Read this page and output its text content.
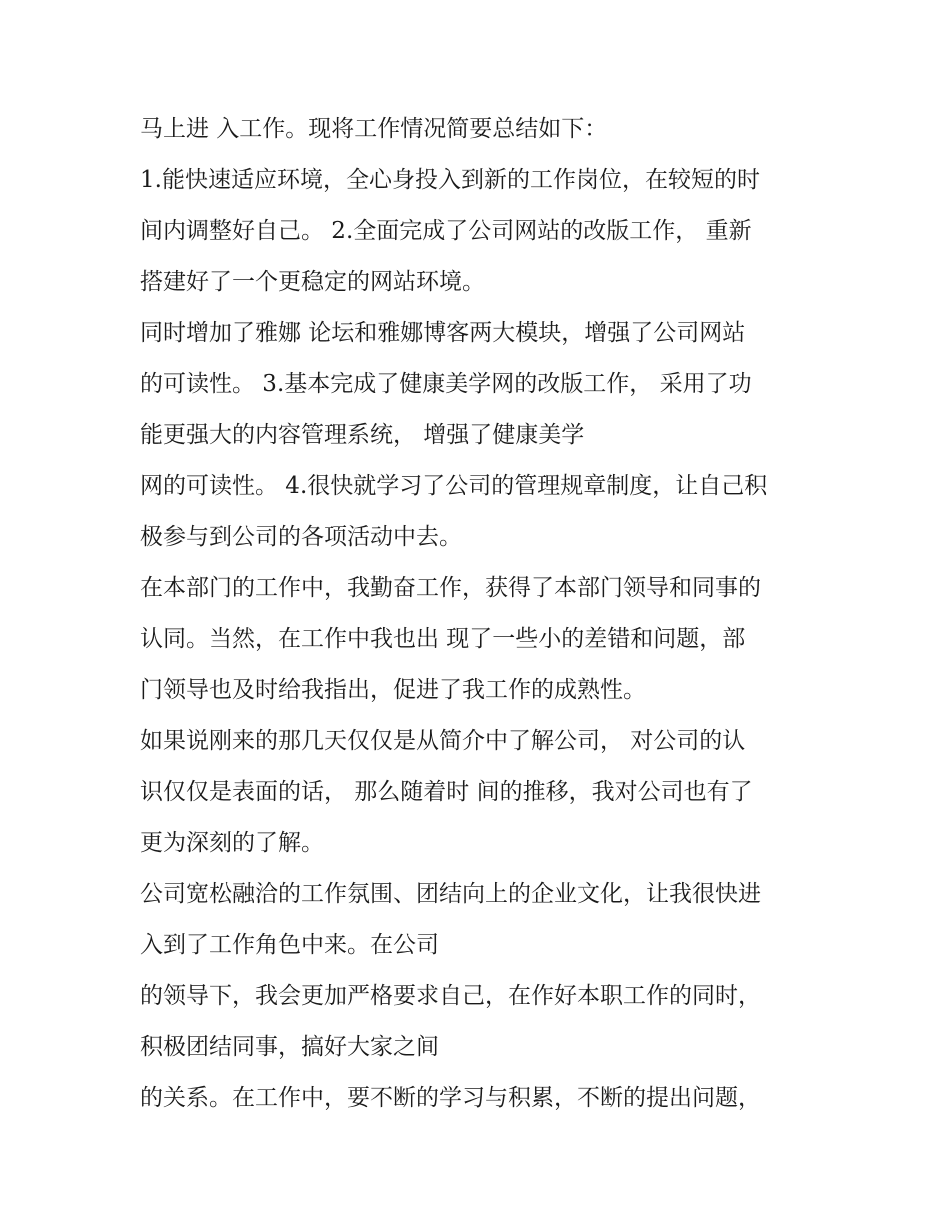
马上进 入工作。现将工作情况简要总结如下：
1.能快速适应环境，全心身投入到新的工作岗位，在较短的时
间内调整好自己。 2.全面完成了公司网站的改版工作， 重新
搭建好了一个更稳定的网站环境。
同时增加了雅娜 论坛和雅娜博客两大模块，增强了公司网站
的可读性。 3.基本完成了健康美学网的改版工作， 采用了功
能更强大的内容管理系统， 增强了健康美学
网的可读性。 4.很快就学习了公司的管理规章制度，让自己积
极参与到公司的各项活动中去。
在本部门的工作中，我勤奋工作，获得了本部门领导和同事的
认同。当然，在工作中我也出 现了一些小的差错和问题，部
门领导也及时给我指出，促进了我工作的成熟性。
如果说刚来的那几天仅仅是从简介中了解公司， 对公司的认
识仅仅是表面的话， 那么随着时 间的推移，我对公司也有了
更为深刻的了解。
公司宽松融洽的工作氛围、团结向上的企业文化，让我很快进
入到了工作角色中来。在公司
的领导下，我会更加严格要求自己，在作好本职工作的同时，
积极团结同事，搞好大家之间
的关系。在工作中，要不断的学习与积累，不断的提出问题，
